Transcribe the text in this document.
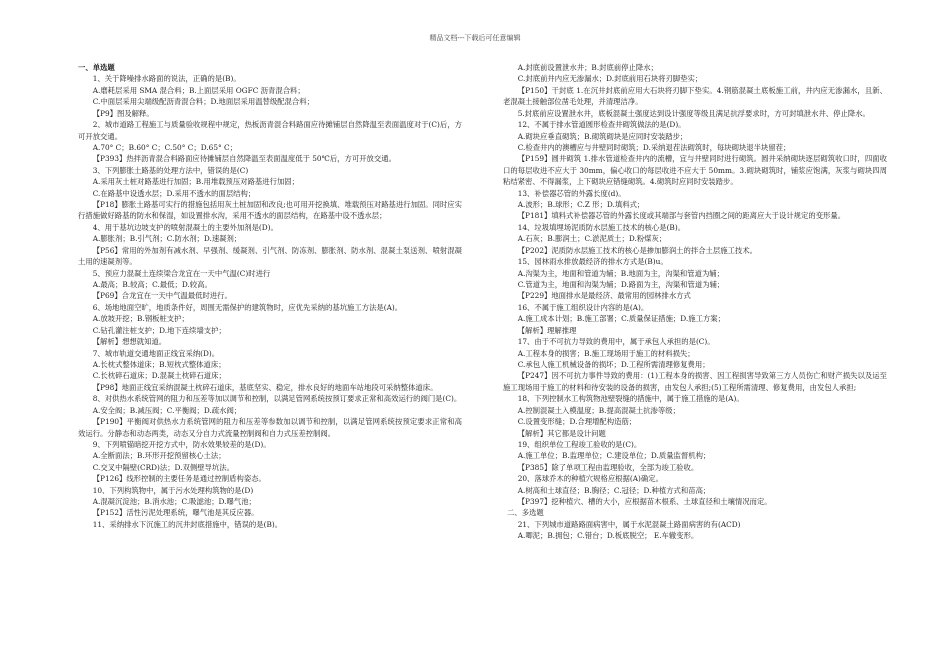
精品文档---下载后可任意编辑

一、单选题

1、关于降噪排水路面的说法，正确的是(B)。

A.磨耗层采用 SMA 混合料；B.上面层采用 OGFC 沥青混合料；

C.中面层采用尖端级配沥青混合料；D.地面层采用温替级配混合料；

【P9】图及解释。

2、城市道路工程施工与质量验收规程中规定，热板沥青混合料路面应待摊铺层自然降温至表面温度对于(C)后，方可开放交通。

A.70° C；B.60° C；C.50° C；D.65° C；

【P393】热拌沥青混合料路面应待摊铺层自然降温至表面温度低于 50℃后，方可开放交通。

3、下列膨胀土路基的处理方法中，错误的是(C)

A.采用灰土桩对路基进行加固；B.用堆载预压对路基进行加固；

C.在路基中设透水层；D.采用不透水的面层结构；

【P18】膨胀土路基可实行的措施包括用灰土桩加固和改良;也可用开挖换填、堆载预压对路基进行加固。同时应实行措施做好路基的防水和保湿，如设置排水沟，采用不透水的面层结构，在路基中设不透水层；

4、用于基坑边坡支护的喷射混凝土的主要外加剂是(D)。

A.膨胀剂；B.引气剂；C.防水剂；D.速凝剂；

【P56】常用的外加剂有减水剂、早强剂、缓凝剂、引气剂、防冻剂、膨胀剂、防水剂、混凝土泵送剂、喷射混凝土用的速凝剂等。

5、预应力混凝土连续梁合龙宜在一天中气温(C)时进行

A.最高；B.较高；C.最低；D.较高。

【P69】合龙宜在一天中气温最低时进行。

6、场地地面空旷，地质条件好，周围无需保护的建筑物时，应优先采纳的基坑施工方法是(A)。

A.放坡开挖；B.钢板桩支护；

C.钻孔灌注桩支护；D.地下连续墙支护；

【解析】想想就知道。

7、城市轨道交通地面正线宜采纳(D)。

A.长枕式整体道床；B.短枕式整体道床；

C.长枕碎石道床；D.混凝土枕碎石道床；

【P98】地面正线宜采纳混凝土枕碎石道床，基底坚实、稳定，排水良好的地面车站地段可采纳整体道床。

8、对供热水系统管网的阻力和压差等加以调节和控制，以满足管网系统按预订要求正常和高效运行的阀门是(C)。

A.安全阀；B.减压阀；C.平衡阀；D.疏水阀；

【P190】平衡阀对供热水力系统管网的阻力和压差等参数加以调节和控制，以满足管网系统按预定要求正常和高效运行。分静态和动态两类，动态又分自力式流量控制阀和自力式压差控制阀。

9、下列喷锚暗挖开挖方式中，防水效果较差的是(D)。

A.全断面法；B.环形开挖预留核心土法；

C.交叉中隔壁(CRD)法；D.双侧壁导坑法。

【P126】线形控制的主要任务是通过控制盾构姿态。

10、下列构筑物中，属于污水处理构筑物的是(D)

A.混凝沉淀池；B.消水池；C.吸滤池；D.曝气池；

【P152】活性污泥处理系统，曝气池是其反应器。

11、采纳排水下沉施工的沉井封底措施中，错误的是(B)。

A.封底前设置泄水井；B.封底前停止降水；

C.封底前井内应无渗漏水；D.封底前用石块将刃脚垫实；

【P150】干封底 1.在沉井封底前应用大石块将刃脚下垫实。4.钢筋混凝土底板施工前，井内应无渗漏水，且新、老混凝土接触部位凿毛处理，并清理洁净。

5.封底前应设置泄水井，底板混凝土强度达到设计强度等级且满足抗浮要求时，方可封填泄水井、停止降水。

12、不属于排水管道圆形检查井砌筑做法的是(D)。

A.砌块应垂直砌筑；B.砌筑砌块是应同时安装踏步；

C.检查井内的澳槽应与井壁同时砌筑；D.采纳退茬法砌筑时，每块砌块退半块留茬；

【P159】圆井砌筑 1.排水管道检查井内的流槽，宜与井壁同时进行砌筑。圆井采纳砌块逐层砌筑收口时，四面收口的每层收进不应大于 30mm，偏心收口的每层收进不应大于 50mm。3.砌块砌筑时，铺浆应饱满，灰浆与砌块四周粘结紧密、不得漏浆，上下砌块应错缝砌筑。4.砌筑时应同时安装踏步。

13、补偿器芯管的外露长度(d)。

A.波形；B.球形；C.Z 形；D.填料式；

【P181】填料式补偿器芯管的外露长度或其端部与套管内挡圈之间的距离应大于设计规定的变形量。

14、垃圾填埋场泥质防水层施工技术的核心是(B)。

A.石灰；B.膨润土；C.淤泥质土；D.粉煤灰；

【P202】泥质防水层施工技术的核心是掺加膨润土的拌合土层施工技术。

15、园林雨水排放最经济的排水方式是(B)u。

A.沟渠为主，地面和管道为辅；B.地面为主，沟渠和管道为辅；

C.管道为主，地面和沟渠为辅；D.路面为主，沟渠和管道为辅；

【P229】地面排水是最经济、最常用的园林排水方式

16、不属于施工组织设计内容的是(A)。

A.施工成本计划；B.施工部署；C.质量保证措施；D.施工方案；

【解析】理解推理

17、由于不可抗力导致的费用中，属于承包人承担的是(C)。

A.工程本身的损害；B.施工现场用于施工的材料损失；

C.承包人施工机械设备的损坏；D.工程所需清理修复费用；

【P247】因不可抗力事件导致的费用：(1)工程本身的损害、因工程损害导致第三方人员伤亡和财产损失以及运至施工现场用于施工的材料和待安装的设备的损害，由发包人承担;(5)工程所需清理、修复费用，由发包人承担;

18、下列控制水工构筑物池壁裂缝的措施中，属于施工措施的是(A)。

A.控制混凝土入模温度；B.提高混凝土抗渗等级；

C.设置变形缝；D.合理增配构造筋；

【解析】其它都是设计问题

19、组织单位工程竣工验收的是(C)。

A.施工单位；B.监理单位；C.建设单位；D.质量监督机构；

【P385】除了单项工程由监理验收，全部为竣工验收。

20、落球乔木的种植穴规格应根据(A)确定。

A.树高和土球直径；B.胸径；C.冠径；D.种植方式和苗高；

【P397】挖种植穴、槽的大小，应根据苗木根系、土球直径和土壤情况而定。

二、多选题

21、下列城市道路路面病害中，属于水泥混凝土路面病害的有(ACD)

A.唧泥；B.拥包；C.错台；D.板底脱空； E.车辙变形。
